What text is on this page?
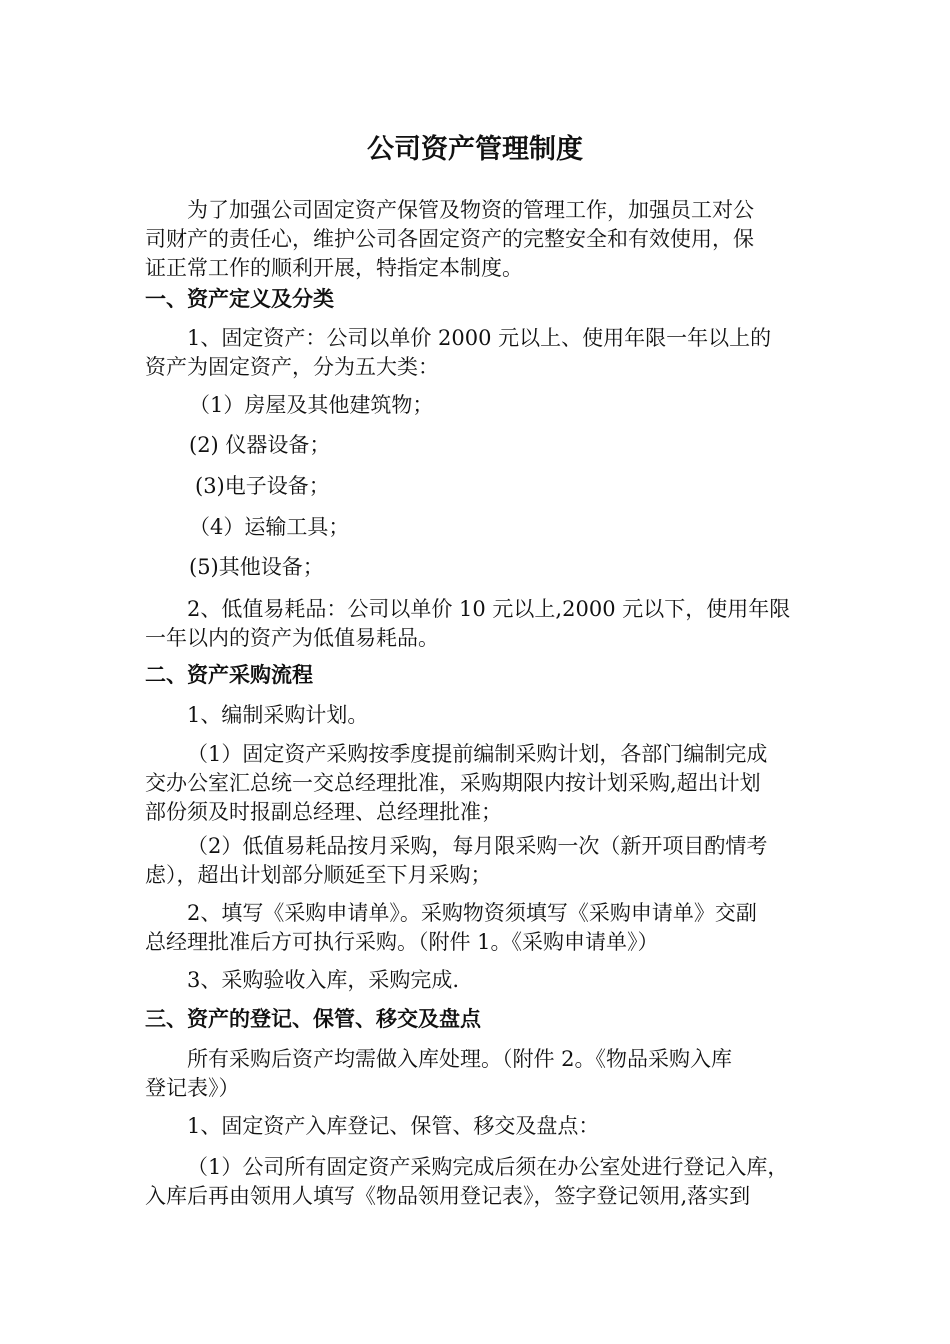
公司资产管理制度
为了加强公司固定资产保管及物资的管理工作，加强员工对公
司财产的责任心，维护公司各固定资产的完整安全和有效使用，保
证正常工作的顺利开展，特指定本制度。
一、资产定义及分类
1、固定资产：公司以单价 2000 元以上、使用年限一年以上的
资产为固定资产，分为五大类：
（1）房屋及其他建筑物；
(2) 仪器设备；
(3)电子设备；
（4）运输工具；
(5)其他设备；
2、低值易耗品：公司以单价 10 元以上,2000 元以下，使用年限
一年以内的资产为低值易耗品。
二、资产采购流程
1、编制采购计划。
（1）固定资产采购按季度提前编制采购计划，各部门编制完成
交办公室汇总统一交总经理批准，采购期限内按计划采购,超出计划
部份须及时报副总经理、总经理批准；
（2）低值易耗品按月采购，每月限采购一次（新开项目酌情考
虑），超出计划部分顺延至下月采购；
2、填写《采购申请单》。采购物资须填写《采购申请单》交副
总经理批准后方可执行采购。（附件 1。《采购申请单》）
3、采购验收入库，采购完成.
三、资产的登记、保管、移交及盘点
所有采购后资产均需做入库处理。（附件 2。《物品采购入库
登记表》）
1、固定资产入库登记、保管、移交及盘点：
（1）公司所有固定资产采购完成后须在办公室处进行登记入库，
入库后再由领用人填写《物品领用登记表》，签字登记领用,落实到
